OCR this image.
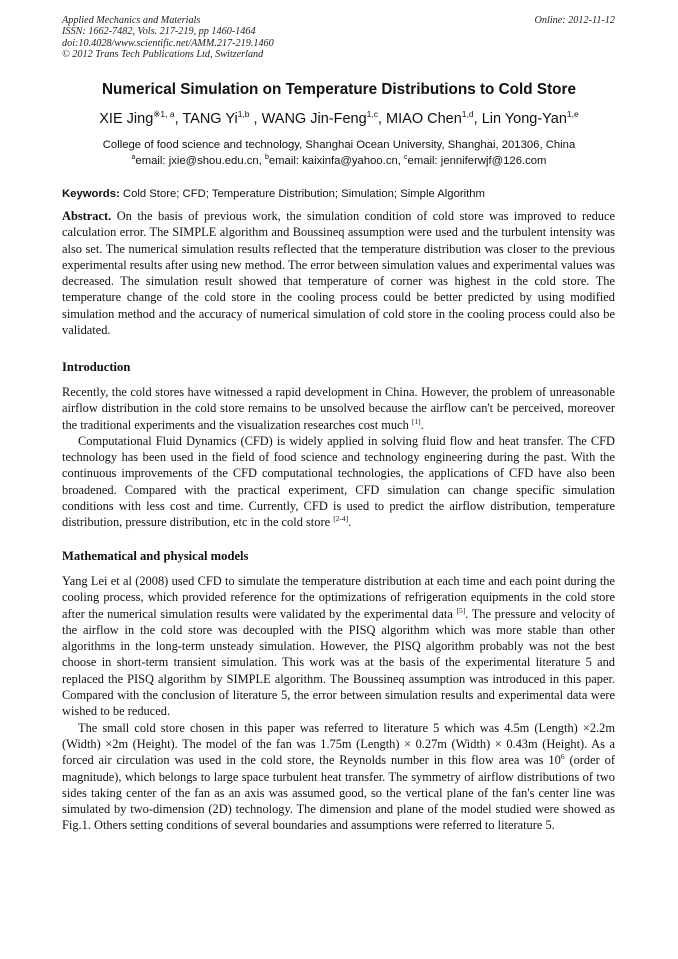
Applied Mechanics and Materials
ISSN: 1662-7482, Vols. 217-219, pp 1460-1464
doi:10.4028/www.scientific.net/AMM.217-219.1460
© 2012 Trans Tech Publications Ltd, Switzerland
Online: 2012-11-12
Numerical Simulation on Temperature Distributions to Cold Store
XIE Jing$^{※1, a}$, TANG Yi$^{1,b}$ , WANG Jin-Feng$^{1,c}$, MIAO Chen$^{1,d}$, Lin Yong-Yan$^{1,e}$
College of food science and technology, Shanghai Ocean University, Shanghai, 201306, China
$^a$email: jxie@shou.edu.cn, $^b$email: kaixinfa@yahoo.cn, $^c$email: jenniferwjf@126.com
Keywords: Cold Store; CFD; Temperature Distribution; Simulation; Simple Algorithm

Abstract. On the basis of previous work, the simulation condition of cold store was improved to reduce calculation error. The SIMPLE algorithm and Boussineq assumption were used and the turbulent intensity was also set. The numerical simulation results reflected that the temperature distribution was closer to the previous experimental results after using new method. The error between simulation values and experimental values was decreased. The simulation result showed that temperature of corner was highest in the cold store. The temperature change of the cold store in the cooling process could be better predicted by using modified simulation method and the accuracy of numerical simulation of cold store in the cooling process could also be validated.

Introduction

Recently, the cold stores have witnessed a rapid development in China. However, the problem of unreasonable airflow distribution in the cold store remains to be unsolved because the airflow can't be perceived, moreover the traditional experiments and the visualization researches cost much [1].

Computational Fluid Dynamics (CFD) is widely applied in solving fluid flow and heat transfer. The CFD technology has been used in the field of food science and technology engineering during the past. With the continuous improvements of the CFD computational technologies, the applications of CFD have also been broadened. Compared with the practical experiment, CFD simulation can change specific simulation conditions with less cost and time. Currently, CFD is used to predict the airflow distribution, temperature distribution, pressure distribution, etc in the cold store [2-4].

Mathematical and physical models

Yang Lei et al (2008) used CFD to simulate the temperature distribution at each time and each point during the cooling process, which provided reference for the optimizations of refrigeration equipments in the cold store after the numerical simulation results were validated by the experimental data [5]. The pressure and velocity of the airflow in the cold store was decoupled with the PISQ algorithm which was more stable than other algorithms in the long-term unsteady simulation. However, the PISQ algorithm probably was not the best choose in short-term transient simulation. This work was at the basis of the experimental literature 5 and replaced the PISQ algorithm by SIMPLE algorithm. The Boussineq assumption was introduced in this paper. Compared with the conclusion of literature 5, the error between simulation results and experimental data were wished to be reduced.

The small cold store chosen in this paper was referred to literature 5 which was 4.5m (Length) ×2.2m (Width) ×2m (Height). The model of the fan was 1.75m (Length) × 0.27m (Width) × 0.43m (Height). As a forced air circulation was used in the cold store, the Reynolds number in this flow area was $10^6$ (order of magnitude), which belongs to large space turbulent heat transfer. The symmetry of airflow distributions of two sides taking center of the fan as an axis was assumed good, so the vertical plane of the fan's center line was simulated by two-dimension (2D) technology. The dimension and plane of the model studied were showed as Fig.1. Others setting conditions of several boundaries and assumptions were referred to literature 5.
